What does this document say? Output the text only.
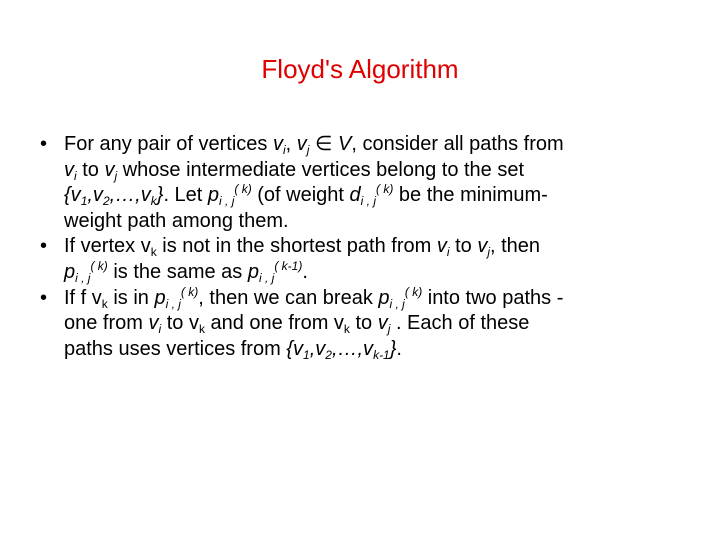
Floyd's Algorithm
• For any pair of vertices $v_i$, $v_j$ ∈ V, consider all paths from
$v_i$ to $v_j$ whose intermediate vertices belong to the set
$\{v_1,v_2,\dots,v_k\}$. Let $p_{i , j}^{( k)}$ (of weight $d_{i , j}^{( k)}$ be the minimum-
weight path among them.
• If vertex $v_k$ is not in the shortest path from $v_i$ to $v_j$, then
$p_{i , j}^{( k)}$ is the same as $p_{i , j}^{( k-1)}$.
• If f $v_k$ is in $p_{i , j}^{( k)}$, then we can break $p_{i , j}^{( k)}$ into two paths -
one from $v_i$ to $v_k$ and one from $v_k$ to $v_j$ . Each of these
paths uses vertices from $\{v_1,v_2,\dots,v_{k-1}\}$.
